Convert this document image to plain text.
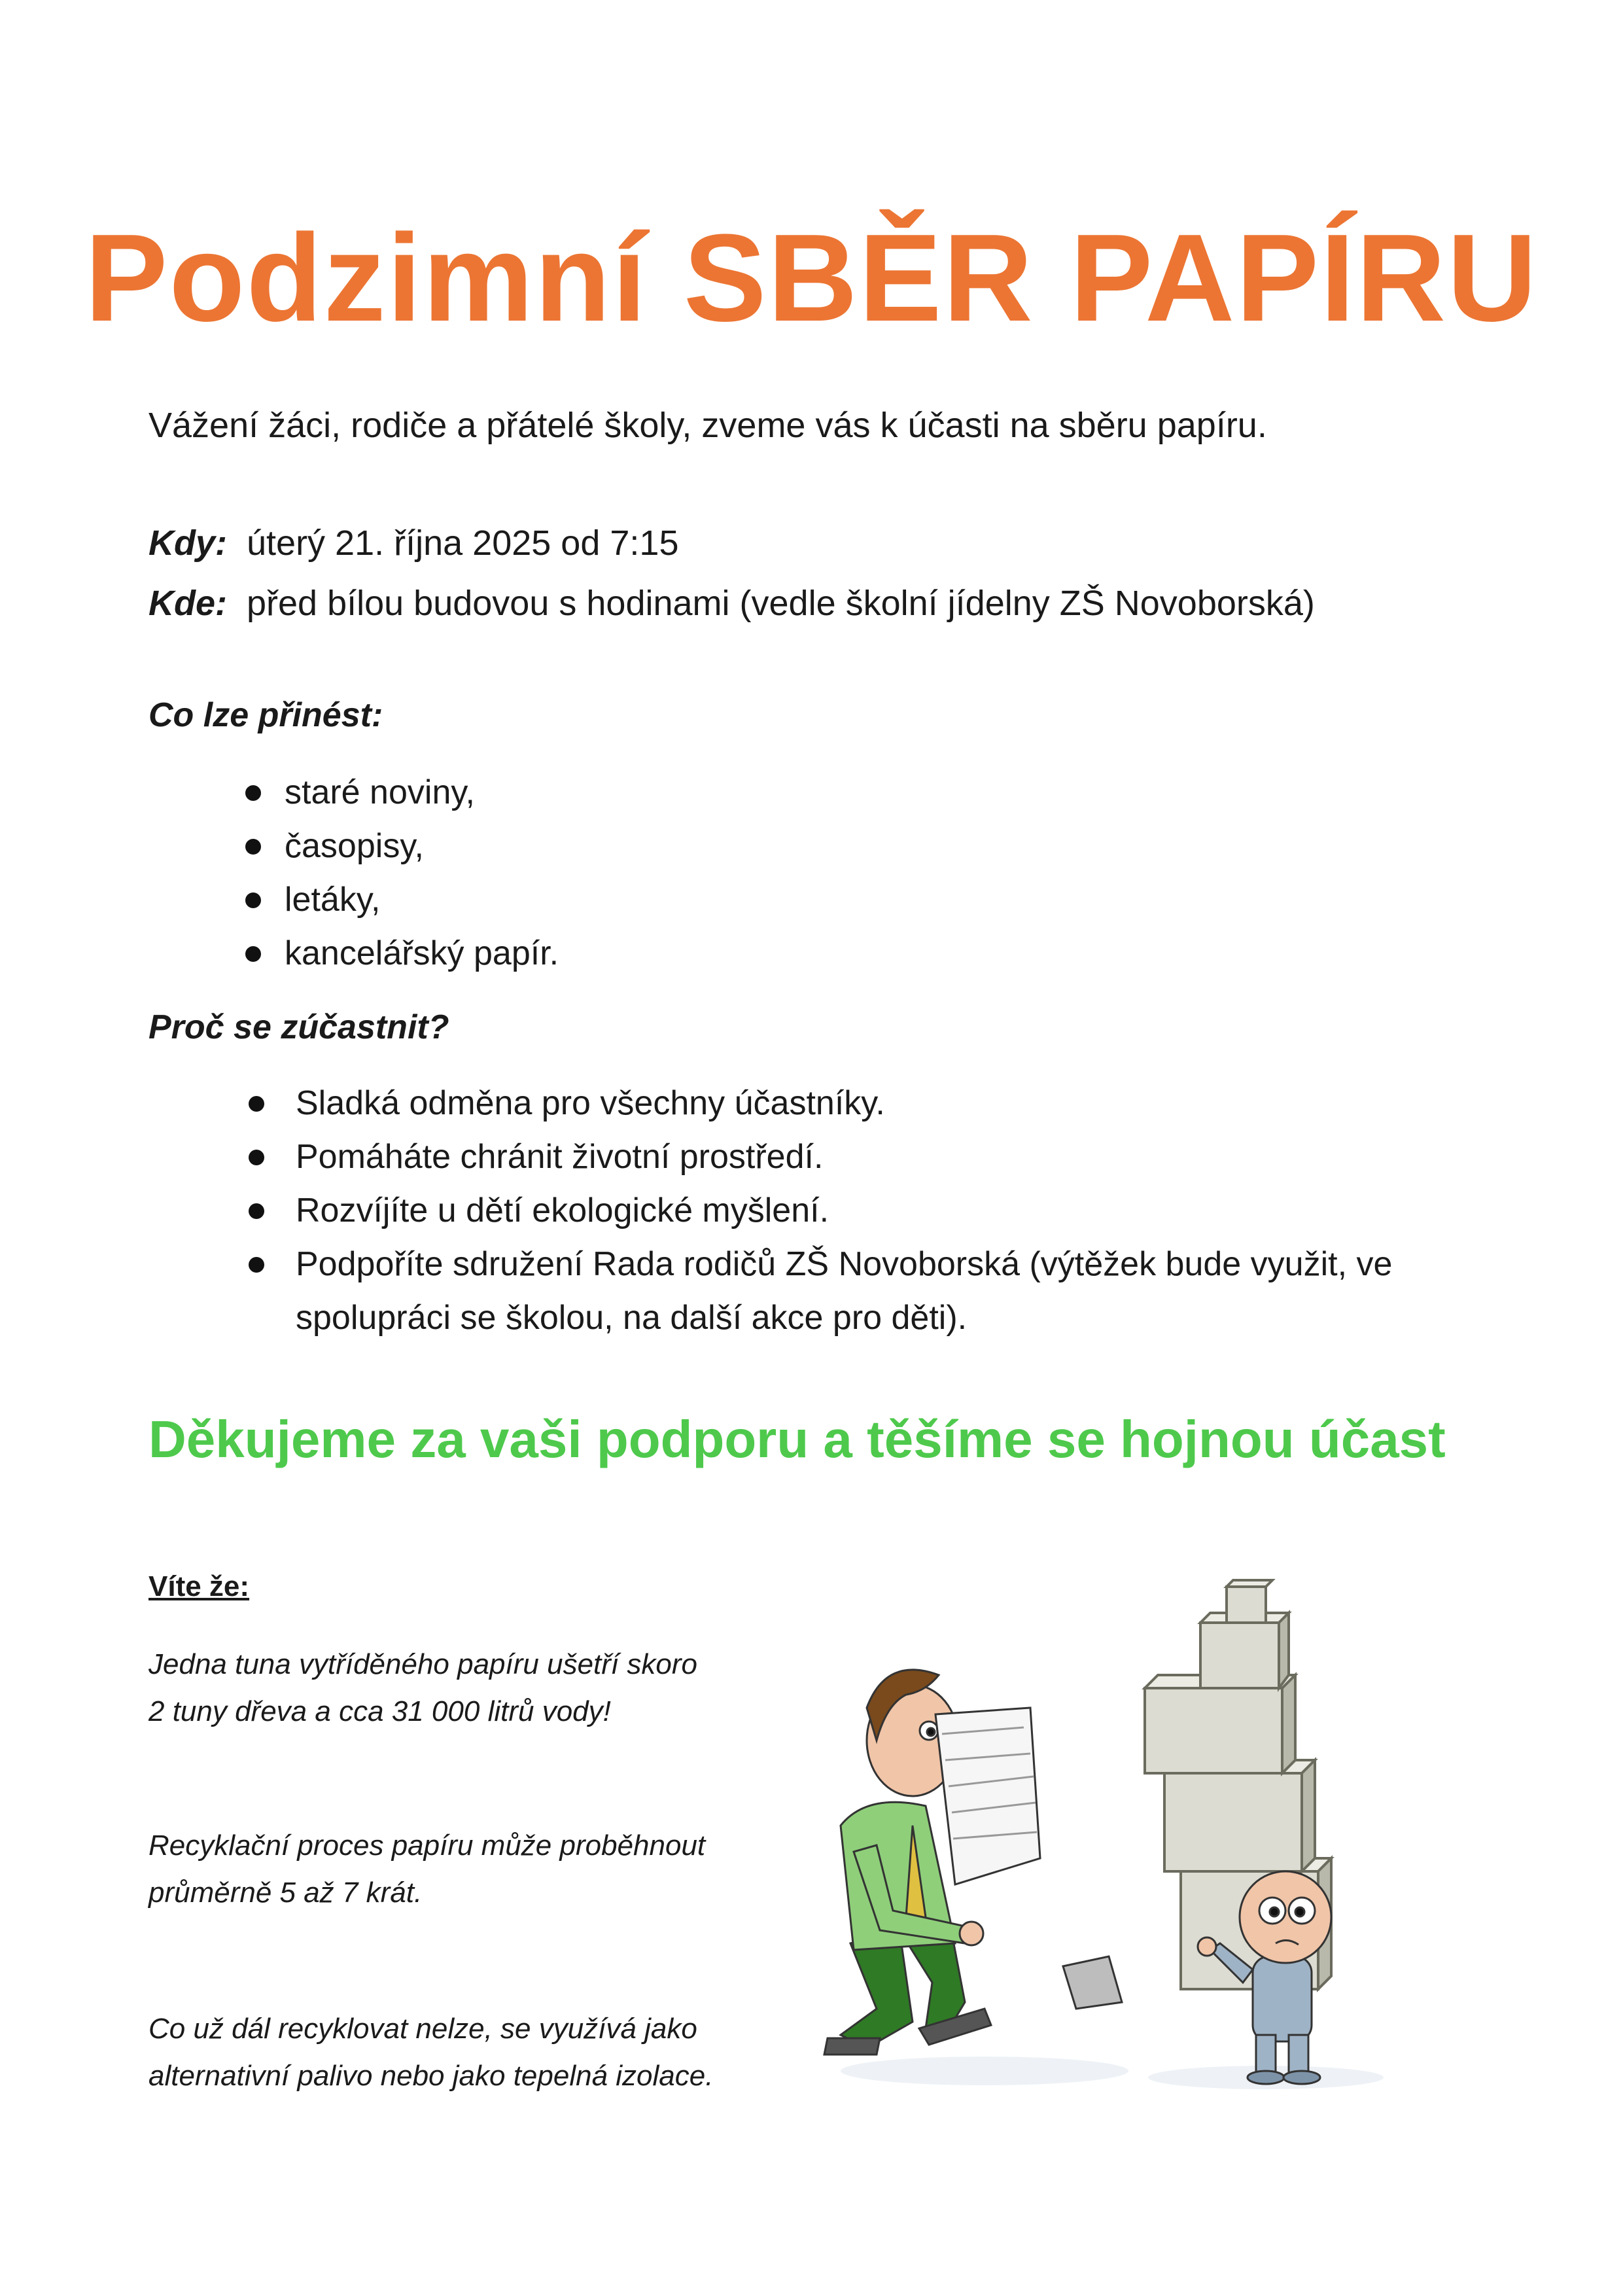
Podzimní SBĚR PAPÍRU
Vážení žáci, rodiče a přátelé školy, zveme vás k účasti na sběru papíru.
Kdy: úterý 21. října 2025 od 7:15
Kde: před bílou budovou s hodinami (vedle školní jídelny ZŠ Novoborská)
Co lze přinést:
staré noviny,
časopisy,
letáky,
kancelářský papír.
Proč se zúčastnit?
Sladká odměna pro všechny účastníky.
Pomáháte chránit životní prostředí.
Rozvíjíte u dětí ekologické myšlení.
Podpoříte sdružení Rada rodičů ZŠ Novoborská (výtěžek bude využit, ve spolupráci se školou, na další akce pro děti).
Děkujeme za vaši podporu a těšíme se hojnou účast
Víte že:
Jedna tuna vytříděného papíru ušetří skoro
2 tuny dřeva a cca 31 000 litrů vody!
Recyklační proces papíru může proběhnout
průměrně 5 až 7 krát.
Co už dál recyklovat nelze, se využívá jako
alternativní palivo nebo jako tepelná izolace.
